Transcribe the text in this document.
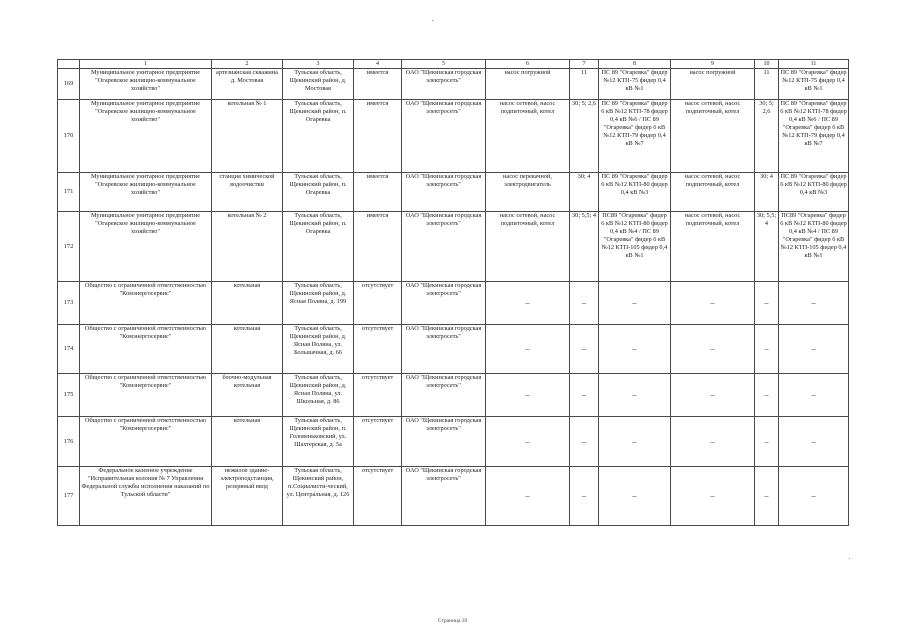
	1	2	3	4	5	6	7	8	9	10	11
169	Муниципальное унитарное предприятие "Огаревское жилищно-коммунальное хозяйство"	артезианская скважина д. Мостовая	Тульская область, Щекинский район, д. Мостовая	имеется	ОАО "Щекинская городская электросеть"	насос погружной	11	ПС 89 "Огаревка" фидер №12 КТП-75 фидер 0,4 кВ №1	насос погружной	11	ПС 89 "Огаревка" фидер №12 КТП-75 фидер 0,4 кВ №1
170	Муниципальное унитарное предприятие "Огаревское жилищно-коммунальное хозяйство"	котельная № 1	Тульская область, Щекинский район, п. Огаревка	имеется	ОАО "Щекинская городская электросеть"	насос сетевой, насос подпиточный, котел	30; 5; 2,6	ПС 89 "Огаревка" фидер 6 кВ №12 КТП-78 фидер 0,4 кВ №6 / ПС 89 "Огаревка" фидер 6 кВ №12 КТП-79 фидер 0,4 кВ №7	насос сетевой, насос подпиточный, котел	30; 5; 2,6	ПС 89 "Огаревка" фидер 6 кВ №12 КТП-78 фидер 0,4 кВ №6 / ПС 89 "Огаревка" фидер 6 кВ №12 КТП-79 фидер 0,4 кВ №7
171	Муниципальное унитарное предприятие "Огаревское жилищно-коммунальное хозяйство"	станция химической водоочистки	Тульская область, Щекинский район, п. Огаревка	имеется	ОАО "Щекинская городская электросеть"	насос перекачной, электродвигатель	30; 4	ПС 89 "Огаревка" фидер 6 кВ №12 КТП-80 фидер 0,4 кВ №3	насос сетевой, насос подпиточный, котел	30; 4	ПС 89 "Огаревка" фидер 6 кВ №12 КТП-80 фидер 0,4 кВ №3
172	Муниципальное унитарное предприятие "Огаревское жилищно-коммунальное хозяйство"	котельная № 2	Тульская область, Щекинский район, п. Огаревка	имеется	ОАО "Щекинская городская электросеть"	насос сетевой, насос подпиточный, котел	30; 5,5; 4	ПС89 "Огаревка" фидер 6 кВ №12 КТП-80 фидер 0,4 кВ №4 / ПС 89 "Огаревка" фидер 6 кВ №12 КТП-105 фидер 0,4 кВ №1	насос сетевой, насос подпиточный, котел	30; 5,5; 4	ПС89 "Огаревка" фидер 6 кВ №12 КТП-80 фидер 0,4 кВ №4 / ПС 89 "Огаревка" фидер 6 кВ №12 КТП-105 фидер 0,4 кВ №1
173	Общество с ограниченной ответственностью "Комэнергосервис"	котельная	Тульская область, Щекинский район, д. Ясная Поляна, д. 199	отсутствует	ОАО "Щекинская городская электросеть"	–	–	–	–	–	–
174	Общество с ограниченной ответственностью "Комэнергосервис"	котельная	Тульская область, Щекинский район, д. Ясная Поляна, ул. Большачная, д. 66	отсутствует	ОАО "Щекинская городская электросеть"	–	–	–	–	–	–
175	Общество с ограниченной ответственностью "Комэнергосервис"	блочно-модульная котельная	Тульская область, Щекинский район, д. Ясная Поляна, ул. Школьная, д. 86	отсутствует	ОАО "Щекинская городская электросеть"	–	–	–	–	–	–
176	Общество с ограниченной ответственностью "Комэнергосервис"	котельная	Тульская область, Щекинский район, п. Головеньковский, ул. Шахтерская, д. 5а	отсутствует	ОАО "Щекинская городская электросеть"	–	–	–	–	–	–
177	Федеральное казенное учреждение "Исправительная колония № 7 Управления Федеральной службы исполнения наказаний по Тульской области"	нежилое здание-электроподстанция, резервный ввод	Тульская область, Щекинский район, п.Социалисти-ческий, ул. Центральная, д. 126	отсутствует	ОАО "Щекинская городская электросеть"	–	–	–	–	–	–
Страница 20
